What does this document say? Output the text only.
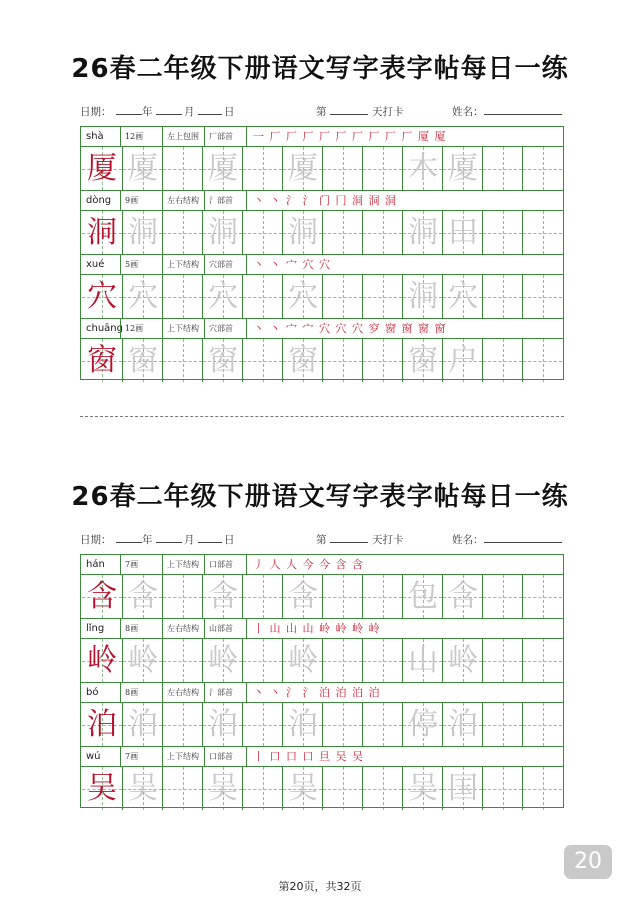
26春二年级下册语文写字表字帖每日一练
日期：	年	月	日	第	天打卡	姓名：
shà	12画	左上包围	厂部首	一 厂 厂 厂 厂 厂 厂 厂 厂 厂 厦 厦
厦 厦 厦 厦	木 厦
dòng	9画	左右结构	氵部首	丶 丶 氵 氵 门 冂 洞 洞 洞
洞 洞 洞 洞	洞 田
xué	5画	上下结构	穴部首	丶 丶 宀 穴 穴
穴 穴 穴 穴	洞 穴
chuāng 12画	上下结构	穴部首	丶 丶 宀 宀 穴 穴 穴 穸 窗 窗 窗 窗
窗 窗 窗 窗	窗 户
26春二年级下册语文写字表字帖每日一练
日期：	年	月	日	第	天打卡	姓名：
hán	7画	上下结构	口部首	丿 人 人 今 今 含 含
含 含 含 含	包 含
lǐng	8画	左右结构	山部首	丨 山 山 山 岭 岭 岭 岭
岭 岭 岭 岭	山 岭
bó	8画	左右结构	氵部首	丶 丶 氵 氵 泊 泊 泊 泊
泊 泊 泊 泊	停 泊
wú	7画	上下结构	口部首	丨 口 口 口 旦 吴 吴
吴 吴 吴 吴	吴 国
20
第20页，共32页
